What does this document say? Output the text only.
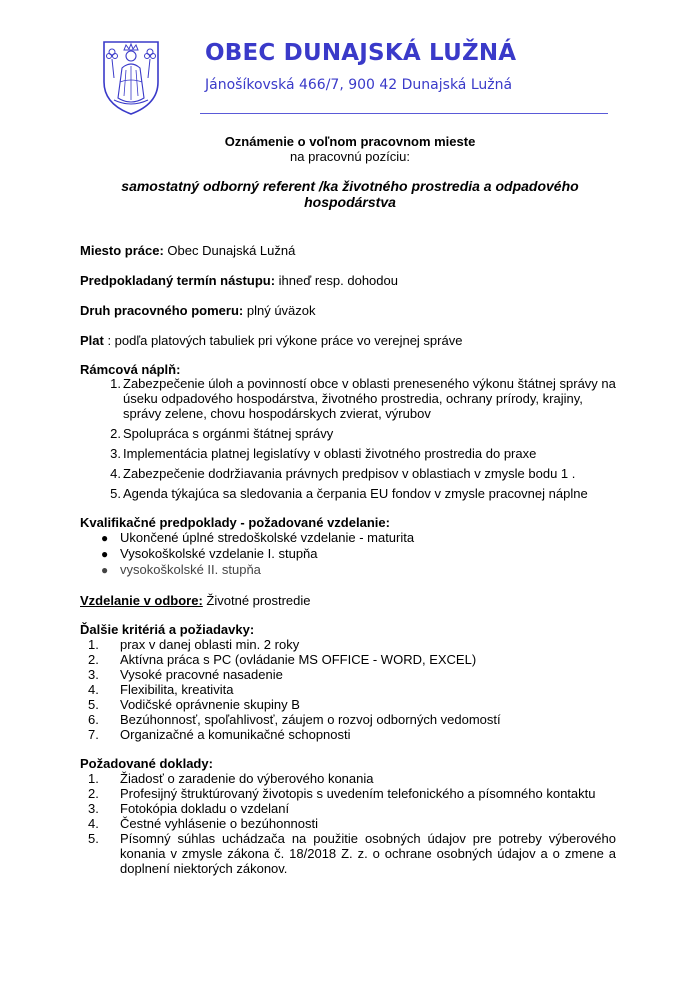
OBEC DUNAJSKÁ LUŽNÁ
Jánošíkovská 466/7, 900 42 Dunajská Lužná
Oznámenie o voľnom pracovnom mieste
na pracovnú pozíciu:
samostatný odborný referent /ka životného prostredia a odpadového
hospodárstva
Miesto práce: Obec Dunajská Lužná
Predpokladaný termín nástupu: ihneď resp. dohodou
Druh pracovného pomeru: plný úväzok
Plat : podľa platových tabuliek pri výkone práce vo verejnej správe
Rámcová náplň:
1. Zabezpečenie úloh a povinností obce v oblasti preneseného výkonu štátnej správy na úseku odpadového hospodárstva, životného prostredia, ochrany prírody, krajiny, správy zelene, chovu hospodárskych zvierat, výrubov
2. Spolupráca s orgánmi štátnej správy
3. Implementácia platnej legislatívy v oblasti životného prostredia do praxe
4. Zabezpečenie dodržiavania právnych predpisov v oblastiach v zmysle bodu 1 .
5. Agenda týkajúca sa sledovania a čerpania EU fondov v zmysle pracovnej náplne
Kvalifikačné predpoklady - požadované vzdelanie:
● Ukončené úplné stredoškolské vzdelanie - maturita
● Vysokoškolské vzdelanie I. stupňa
● vysokoškolské II. stupňa
Vzdelanie v odbore: Životné prostredie
Ďalšie kritériá a požiadavky:
1. prax v danej oblasti min. 2 roky
2. Aktívna práca s PC (ovládanie MS OFFICE - WORD, EXCEL)
3. Vysoké pracovné nasadenie
4. Flexibilita, kreativita
5. Vodičské oprávnenie skupiny B
6. Bezúhonnosť, spoľahlivosť, záujem o rozvoj odborných vedomostí
7. Organizačné a komunikačné schopnosti
Požadované doklady:
1. Žiadosť o zaradenie do výberového konania
2. Profesijný štruktúrovaný životopis s uvedením telefonického a písomného kontaktu
3. Fotokópia dokladu o vzdelaní
4. Čestné vyhlásenie o bezúhonnosti
5. Písomný súhlas uchádzača na použitie osobných údajov pre potreby výberového konania v zmysle zákona č. 18/2018 Z. z. o ochrane osobných údajov a o zmene a doplnení niektorých zákonov.
